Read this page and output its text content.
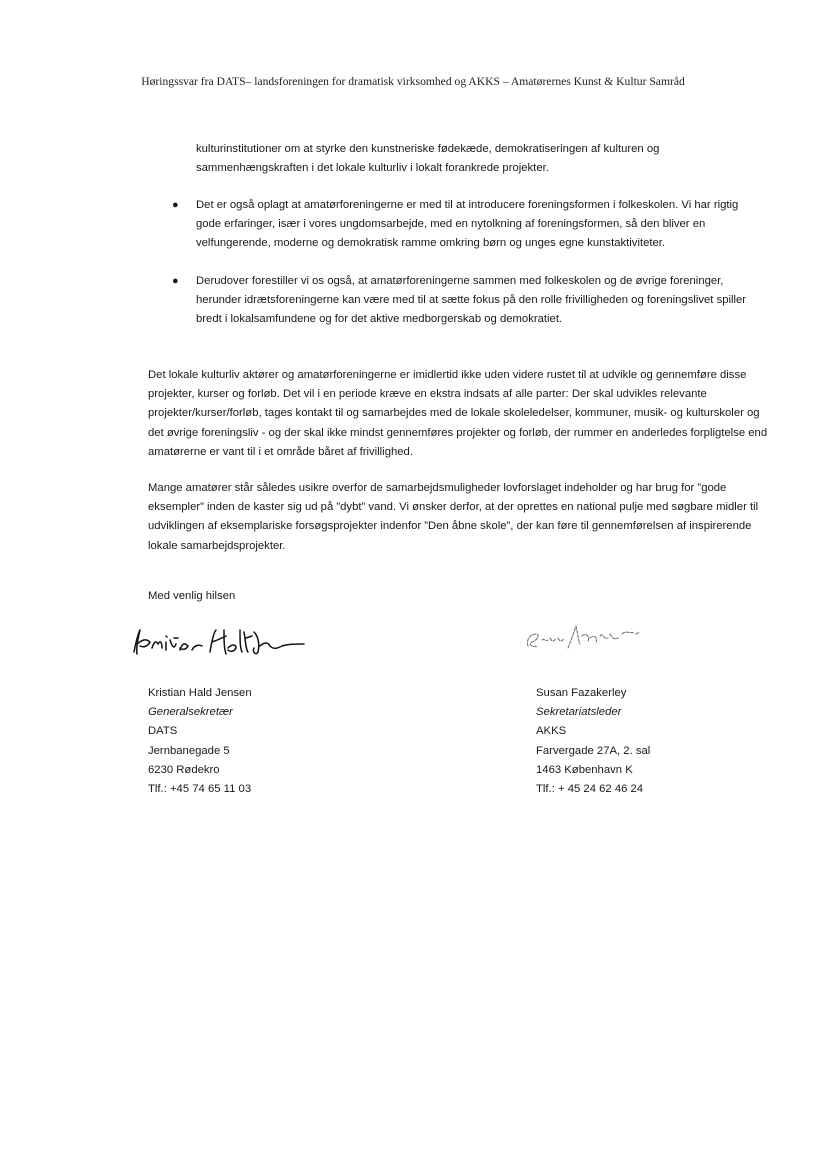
Høringssvar fra DATS– landsforeningen for dramatisk virksomhed og AKKS – Amatørernes Kunst & Kultur Samråd

kulturinstitutioner om at styrke den kunstneriske fødekæde, demokratiseringen af kulturen og sammenhængskraften i det lokale kulturliv i lokalt forankrede projekter.

● Det er også oplagt at amatørforeningerne er med til at introducere foreningsformen i folkeskolen. Vi har rigtig gode erfaringer, især i vores ungdomsarbejde, med en nytolkning af foreningsformen, så den bliver en velfungerende, moderne og demokratisk ramme omkring børn og unges egne kunstaktiviteter.
● Derudover forestiller vi os også, at amatørforeningerne sammen med folkeskolen og de øvrige foreninger, herunder idrætsforeningerne kan være med til at sætte fokus på den rolle frivilligheden og foreningslivet spiller bredt i lokalsamfundene og for det aktive medborgerskab og demokratiet.

Det lokale kulturliv aktører og amatørforeningerne er imidlertid ikke uden videre rustet til at udvikle og gennemføre disse projekter, kurser og forløb. Det vil i en periode kræve en ekstra indsats af alle parter: Der skal udvikles relevante projekter/kurser/forløb, tages kontakt til og samarbejdes med de lokale skoleledelser, kommuner, musik- og kulturskoler og det øvrige foreningsliv - og der skal ikke mindst gennemføres projekter og forløb, der rummer en anderledes forpligtelse end amatørerne er vant til i et område båret af frivillighed.

Mange amatører står således usikre overfor de samarbejdsmuligheder lovforslaget indeholder og har brug for ”gode eksempler” inden de kaster sig ud på ”dybt” vand. Vi ønsker derfor, at der oprettes en national pulje med søgbare midler til udviklingen af eksemplariske forsøgsprojekter indenfor ”Den åbne skole”, der kan føre til gennemførelsen af inspirerende lokale samarbejdsprojekter.

Med venlig hilsen
Kristian Hald Jensen
Generalsekretær
DATS
Jernbanegade 5
6230 Rødekro
Tlf.: +45 74 65 11 03
Susan Fazakerley
Sekretariatsleder
AKKS
Farvergade 27A, 2. sal
1463 København K
Tlf.: + 45 24 62 46 24
